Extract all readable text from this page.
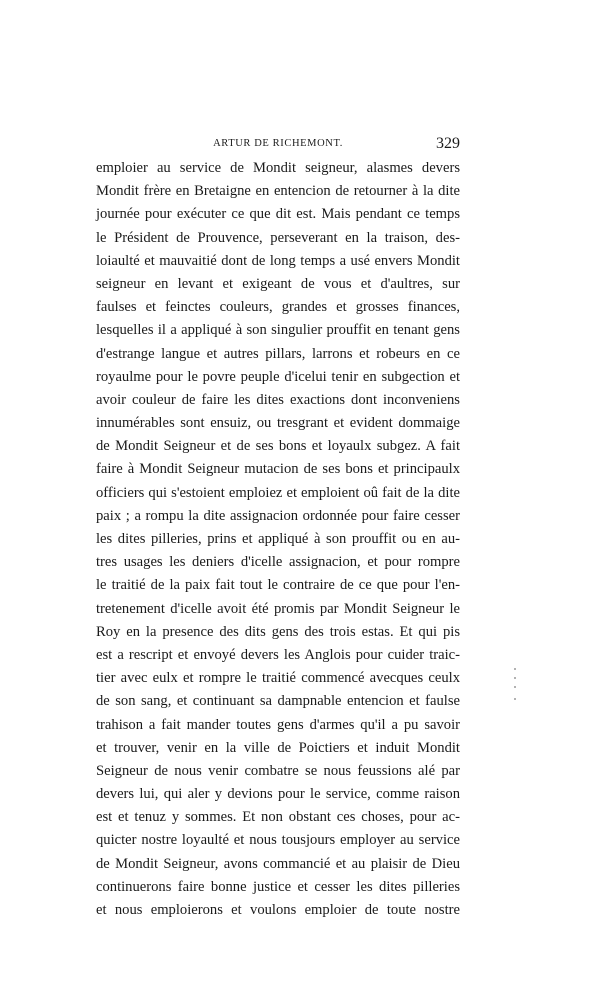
ARTUR DE RICHEMONT.	329
emploier au service de Mondit seigneur, alasmes devers
Mondit frère en Bretaigne en entencion de retourner à la dite
journée pour exécuter ce que dit est. Mais pendant ce temps
le Président de Prouvence, perseverant en la traison, des-
loiaulté et mauvaitié dont de long temps a usé envers Mondit
seigneur en levant et exigeant de vous et d'aultres, sur
faulses et feinctes couleurs, grandes et grosses finances,
lesquelles il a appliqué à son singulier prouffit en tenant gens
d'estrange langue et autres pillars, larrons et robeurs en ce
royaulme pour le povre peuple d'icelui tenir en subgection et
avoir couleur de faire les dites exactions dont inconveniens
innumérables sont ensuiz, ou tresgrant et evident dommaige
de Mondit Seigneur et de ses bons et loyaulx subgez. A fait
faire à Mondit Seigneur mutacion de ses bons et principaulx
officiers qui s'estoient emploiez et emploient oû fait de la dite
paix ; a rompu la dite assignacion ordonnée pour faire cesser
les dites pilleries, prins et appliqué à son prouffit ou en au-
tres usages les deniers d'icelle assignacion, et pour rompre
le traitié de la paix fait tout le contraire de ce que pour l'en-
tretenement d'icelle avoit été promis par Mondit Seigneur le
Roy en la presence des dits gens des trois estas. Et qui pis
est a rescript et envoyé devers les Anglois pour cuider traic-
tier avec eulx et rompre le traitié commencé avecques ceulx
de son sang, et continuant sa dampnable entencion et faulse
trahison a fait mander toutes gens d'armes qu'il a pu savoir
et trouver, venir en la ville de Poictiers et induit Mondit
Seigneur de nous venir combatre se nous feussions alé par
devers lui, qui aler y devions pour le service, comme raison
est et tenuz y sommes. Et non obstant ces choses, pour ac-
quicter nostre loyaulté et nous tousjours employer au service
de Mondit Seigneur, avons commancié et au plaisir de Dieu
continuerons faire bonne justice et cesser les dites pilleries
et nous emploierons et voulons emploier de toute nostre
